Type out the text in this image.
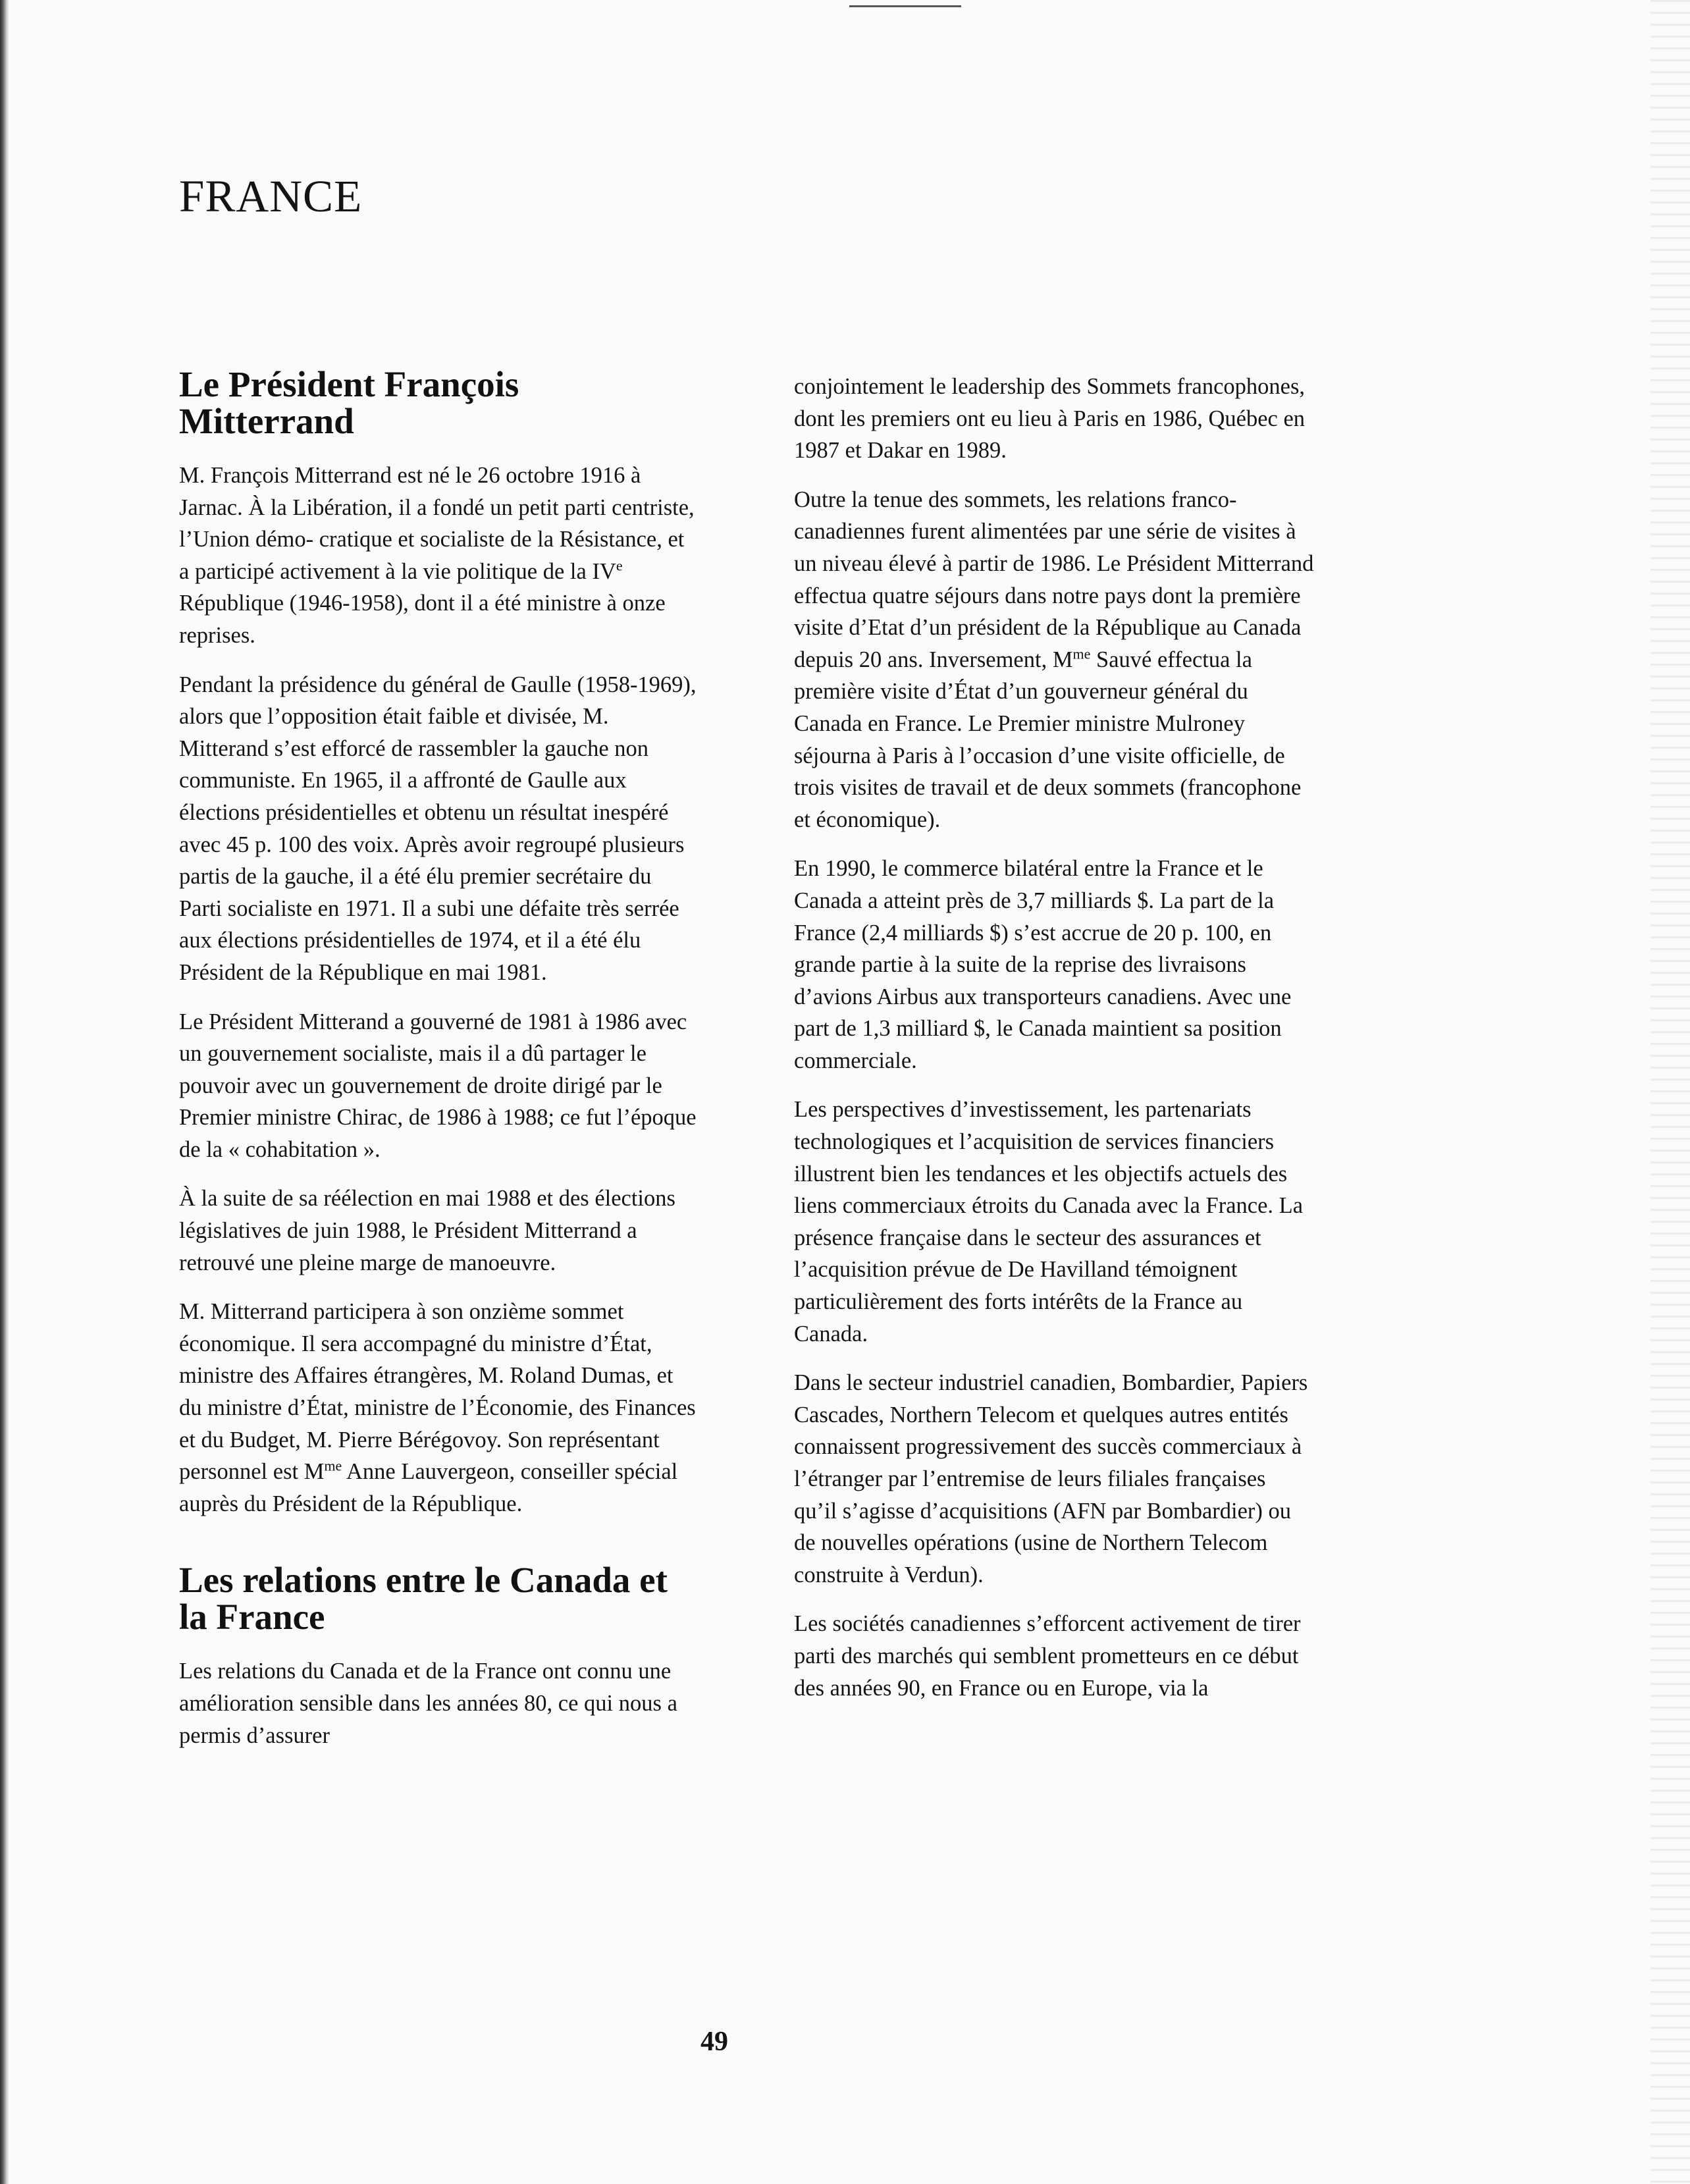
FRANCE
Le Président François Mitterrand

M. François Mitterrand est né le 26 octobre 1916 à Jarnac. À la Libération, il a fondé un petit parti centriste, l’Union démo- cratique et socialiste de la Résistance, et a participé activement à la vie politique de la IVe République (1946-1958), dont il a été ministre à onze reprises.

Pendant la présidence du général de Gaulle (1958-1969), alors que l’opposition était faible et divisée, M. Mitterand s’est efforcé de rassembler la gauche non communiste. En 1965, il a affronté de Gaulle aux élections présidentielles et obtenu un résultat inespéré avec 45 p. 100 des voix. Après avoir regroupé plusieurs partis de la gauche, il a été élu premier secrétaire du Parti socialiste en 1971. Il a subi une défaite très serrée aux élections présidentielles de 1974, et il a été élu Président de la République en mai 1981.

Le Président Mitterand a gouverné de 1981 à 1986 avec un gouvernement socialiste, mais il a dû partager le pouvoir avec un gouvernement de droite dirigé par le Premier ministre Chirac, de 1986 à 1988; ce fut l’époque de la « cohabitation ».

À la suite de sa réélection en mai 1988 et des élections législatives de juin 1988, le Président Mitterrand a retrouvé une pleine marge de manoeuvre.

M. Mitterrand participera à son onzième sommet économique. Il sera accompagné du ministre d’État, ministre des Affaires étrangères, M. Roland Dumas, et du ministre d’État, ministre de l’Économie, des Finances et du Budget, M. Pierre Bérégovoy. Son représentant personnel est $M^{me}$ Anne Lauvergeon, conseiller spécial auprès du Président de la République.

Les relations entre le Canada et la France

Les relations du Canada et de la France ont connu une amélioration sensible dans les années 80, ce qui nous a permis d’assurer

conjointement le leadership des Sommets francophones, dont les premiers ont eu lieu à Paris en 1986, Québec en 1987 et Dakar en 1989.

Outre la tenue des sommets, les relations franco-canadiennes furent alimentées par une série de visites à un niveau élevé à partir de 1986. Le Président Mitterrand effectua quatre séjours dans notre pays dont la première visite d’Etat d’un président de la République au Canada depuis 20 ans. Inversement, $M^{me}$ Sauvé effectua la première visite d’État d’un gouverneur général du Canada en France. Le Premier ministre Mulroney séjourna à Paris à l’occasion d’une visite officielle, de trois visites de travail et de deux sommets (francophone et économique).

En 1990, le commerce bilatéral entre la France et le Canada a atteint près de 3,7 milliards $. La part de la France (2,4 milliards $) s’est accrue de 20 p. 100, en grande partie à la suite de la reprise des livraisons d’avions Airbus aux transporteurs canadiens. Avec une part de 1,3 milliard $, le Canada maintient sa position commerciale.

Les perspectives d’investissement, les partenariats technologiques et l’acquisition de services financiers illustrent bien les tendances et les objectifs actuels des liens commerciaux étroits du Canada avec la France. La présence française dans le secteur des assurances et l’acquisition prévue de De Havilland témoignent particulièrement des forts intérêts de la France au Canada.

Dans le secteur industriel canadien, Bombardier, Papiers Cascades, Northern Telecom et quelques autres entités connaissent progressivement des succès commerciaux à l’étranger par l’entremise de leurs filiales françaises qu’il s’agisse d’acquisitions (AFN par Bombardier) ou de nouvelles opérations (usine de Northern Telecom construite à Verdun).

Les sociétés canadiennes s’efforcent activement de tirer parti des marchés qui semblent prometteurs en ce début des années 90, en France ou en Europe, via la

49
